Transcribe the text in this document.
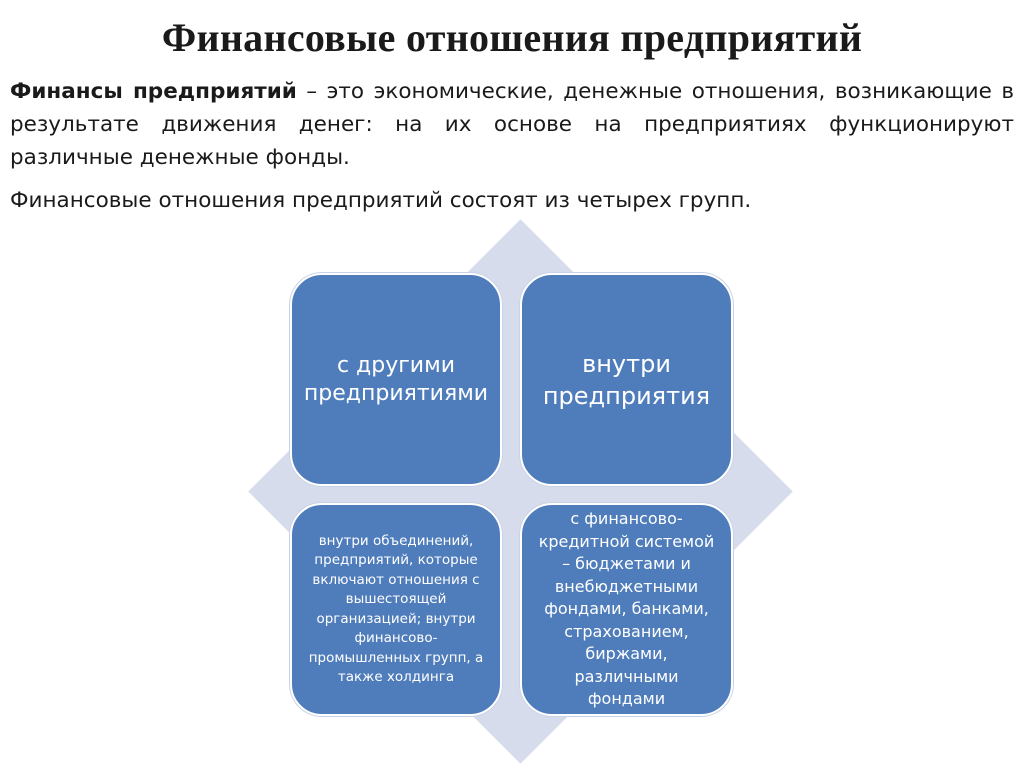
Финансовые отношения предприятий
Финансы предприятий – это экономические, денежные отношения, возникающие в результате движения денег: на их основе на предприятиях функционируют различные денежные фонды.
Финансовые отношения предприятий состоят из четырех групп.
с другими предприятиями
внутри предприятия
внутри объединений, предприятий, которые включают отношения с вышестоящей организацией; внутри финансово-промышленных групп, а также холдинга
с финансово-кредитной системой – бюджетами и внебюджетными фондами, банками, страхованием, биржами, различными фондами
